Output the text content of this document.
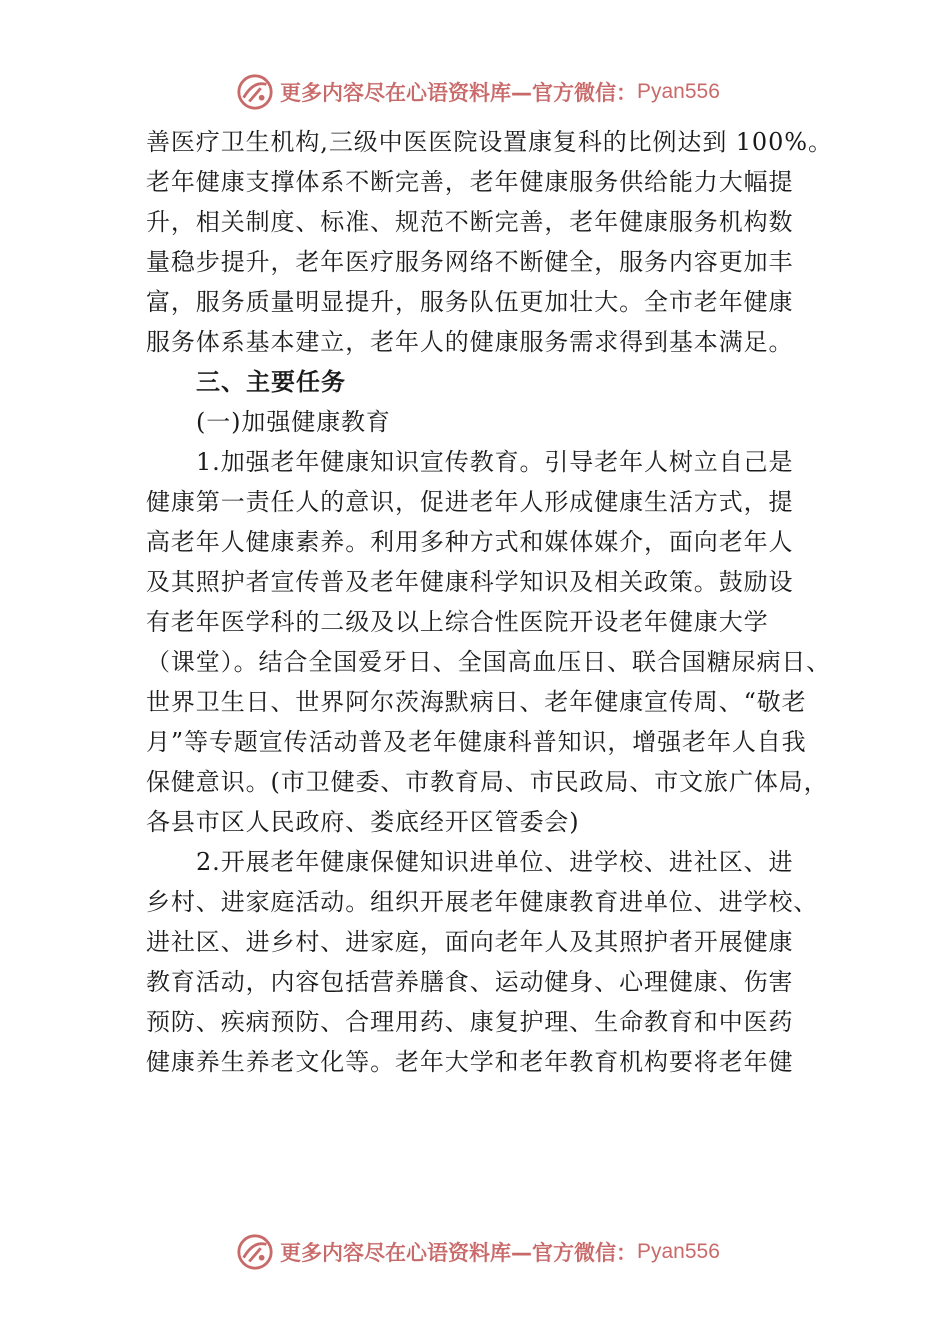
更多内容尽在心语资料库—官方微信： Pyan556
善医疗卫生机构,三级中医医院设置康复科的比例达到 100%。
老年健康支撑体系不断完善，老年健康服务供给能力大幅提
升，相关制度、标准、规范不断完善，老年健康服务机构数
量稳步提升，老年医疗服务网络不断健全，服务内容更加丰
富，服务质量明显提升，服务队伍更加壮大。全市老年健康
服务体系基本建立，老年人的健康服务需求得到基本满足。
三、主要任务
(一)加强健康教育
1.加强老年健康知识宣传教育。引导老年人树立自己是
健康第一责任人的意识，促进老年人形成健康生活方式，提
高老年人健康素养。利用多种方式和媒体媒介，面向老年人
及其照护者宣传普及老年健康科学知识及相关政策。鼓励设
有老年医学科的二级及以上综合性医院开设老年健康大学
（课堂）。结合全国爱牙日、全国高血压日、联合国糖尿病日、
世界卫生日、世界阿尔茨海默病日、老年健康宣传周、“敬老
月”等专题宣传活动普及老年健康科普知识，增强老年人自我
保健意识。(市卫健委、市教育局、市民政局、市文旅广体局，
各县市区人民政府、娄底经开区管委会)
2.开展老年健康保健知识进单位、进学校、进社区、进
乡村、进家庭活动。组织开展老年健康教育进单位、进学校、
进社区、进乡村、进家庭，面向老年人及其照护者开展健康
教育活动，内容包括营养膳食、运动健身、心理健康、伤害
预防、疾病预防、合理用药、康复护理、生命教育和中医药
健康养生养老文化等。老年大学和老年教育机构要将老年健
更多内容尽在心语资料库—官方微信： Pyan556
